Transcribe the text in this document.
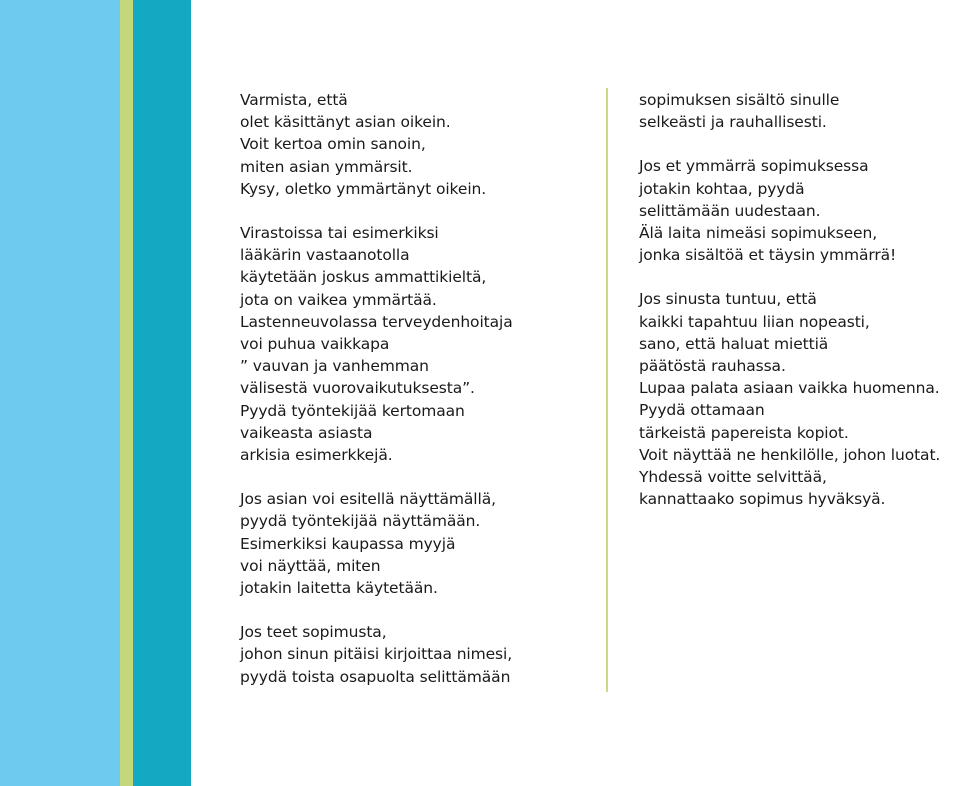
Varmista, että
olet käsittänyt asian oikein.
Voit kertoa omin sanoin,
miten asian ymmärsit.
Kysy, oletko ymmärtänyt oikein.

Virastoissa tai esimerkiksi
lääkärin vastaanotolla
käytetään joskus ammattikieltä,
jota on vaikea ymmärtää.
Lastenneuvolassa terveydenhoitaja
voi puhua vaikkapa
” vauvan ja vanhemman
välisestä vuorovaikutuksesta”.
Pyydä työntekijää kertomaan
vaikeasta asiasta
arkisia esimerkkejä.

Jos asian voi esitellä näyttämällä,
pyydä työntekijää näyttämään.
Esimerkiksi kaupassa myyjä
voi näyttää, miten
jotakin laitetta käytetään.

Jos teet sopimusta,
johon sinun pitäisi kirjoittaa nimesi,
pyydä toista osapuolta selittämään

sopimuksen sisältö sinulle
selkeästi ja rauhallisesti.

Jos et ymmärrä sopimuksessa
jotakin kohtaa, pyydä
selittämään uudestaan.
Älä laita nimeäsi sopimukseen,
jonka sisältöä et täysin ymmärrä!

Jos sinusta tuntuu, että
kaikki tapahtuu liian nopeasti,
sano, että haluat miettiä
päätöstä rauhassa.
Lupaa palata asiaan vaikka huomenna.
Pyydä ottamaan
tärkeistä papereista kopiot.
Voit näyttää ne henkilölle, johon luotat.
Yhdessä voitte selvittää,
kannattaako sopimus hyväksyä.
